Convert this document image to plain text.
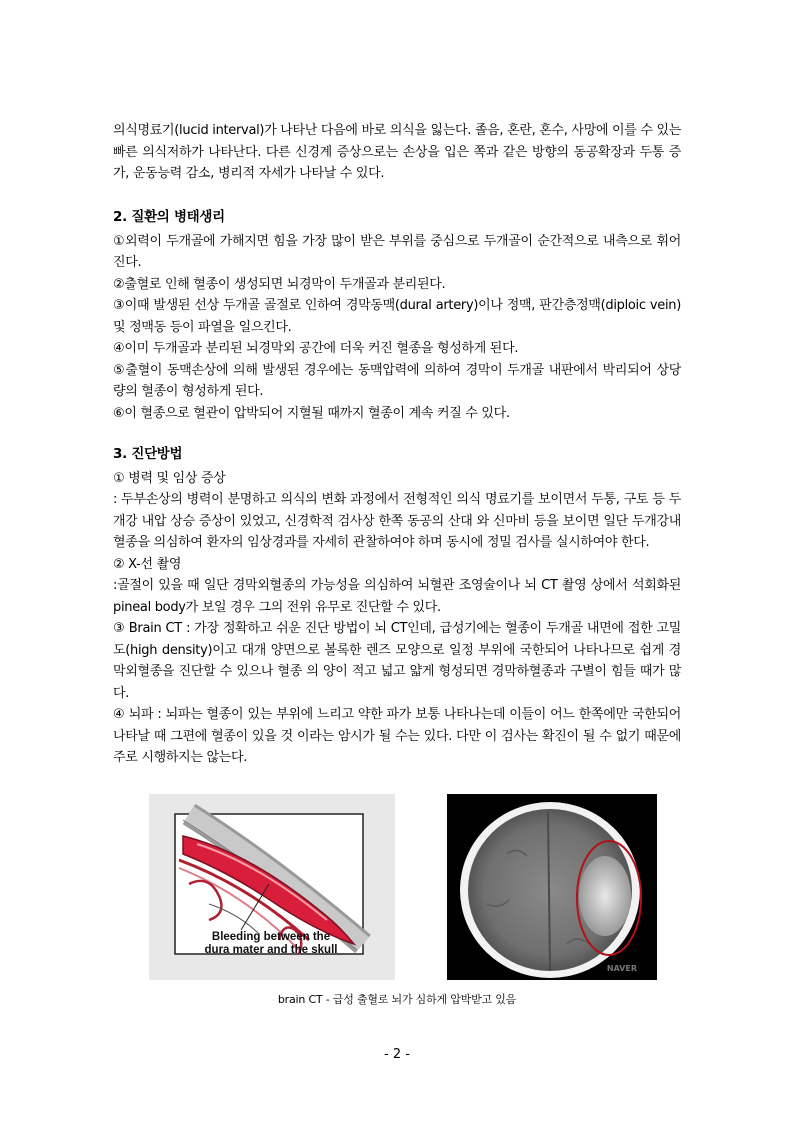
의식명료기(lucid interval)가 나타난 다음에 바로 의식을 잃는다. 졸음, 혼란, 혼수, 사망에 이를 수 있는 빠른 의식저하가 나타난다. 다른 신경계 증상으로는 손상을 입은 쪽과 같은 방향의 동공확장과 두통 증가, 운동능력 감소, 병리적 자세가 나타날 수 있다.

2. 질환의 병태생리

①외력이 두개골에 가해지면 힘을 가장 많이 받은 부위를 중심으로 두개골이 순간적으로 내측으로 휘어진다.

②출혈로 인해 혈종이 생성되면 뇌경막이 두개골과 분리된다.

③이때 발생된 선상 두개골 골절로 인하여 경막동맥(dural artery)이나 정맥, 판간층정맥(diploic vein) 및 정맥동 등이 파열을 일으킨다.

④이미 두개골과 분리된 뇌경막외 공간에 더욱 커진 혈종을 형성하게 된다.

⑤출혈이 동맥손상에 의해 발생된 경우에는 동맥압력에 의하여 경막이 두개골 내판에서 박리되어 상당량의 혈종이 형성하게 된다.

⑥이 혈종으로 혈관이 압박되어 지혈될 때까지 혈종이 계속 커질 수 있다.

3. 진단방법

① 병력 및 임상 증상

: 두부손상의 병력이 분명하고 의식의 변화 과정에서 전형적인 의식 명료기를 보이면서 두통, 구토 등 두개강 내압 상승 증상이 있었고, 신경학적 검사상 한쪽 동공의 산대 와 신마비 등을 보이면 일단 두개강내 혈종을 의심하여 환자의 임상경과를 자세히 관찰하여야 하며 동시에 정밀 검사를 실시하여야 한다.

② X-선 촬영

:골절이 있을 때 일단 경막외혈종의 가능성을 의심하여 뇌혈관 조영술이나 뇌 CT 촬영 상에서 석회화된 pineal body가 보일 경우 그의 전위 유무로 진단할 수 있다.

③ Brain CT : 가장 정확하고 쉬운 진단 방법이 뇌 CT인데, 급성기에는 혈종이 두개골 내면에 접한 고밀도(high density)이고 대개 양면으로 볼록한 렌즈 모양으로 일정 부위에 국한되어 나타나므로 쉽게 경막외혈종을 진단할 수 있으나 혈종 의 양이 적고 넓고 얇게 형성되면 경막하혈종과 구별이 힘들 때가 많다.

④ 뇌파 : 뇌파는 혈종이 있는 부위에 느리고 약한 파가 보통 나타나는데 이들이 어느 한쪽에만 국한되어 나타날 때 그편에 혈종이 있을 것 이라는 암시가 될 수는 있다. 다만 이 검사는 확진이 될 수 없기 때문에 주로 시행하지는 않는다.

Bleeding between the
dura mater and the skull
NAVER
brain CT - 급성 출혈로 뇌가 심하게 압박받고 있음
- 2 -
